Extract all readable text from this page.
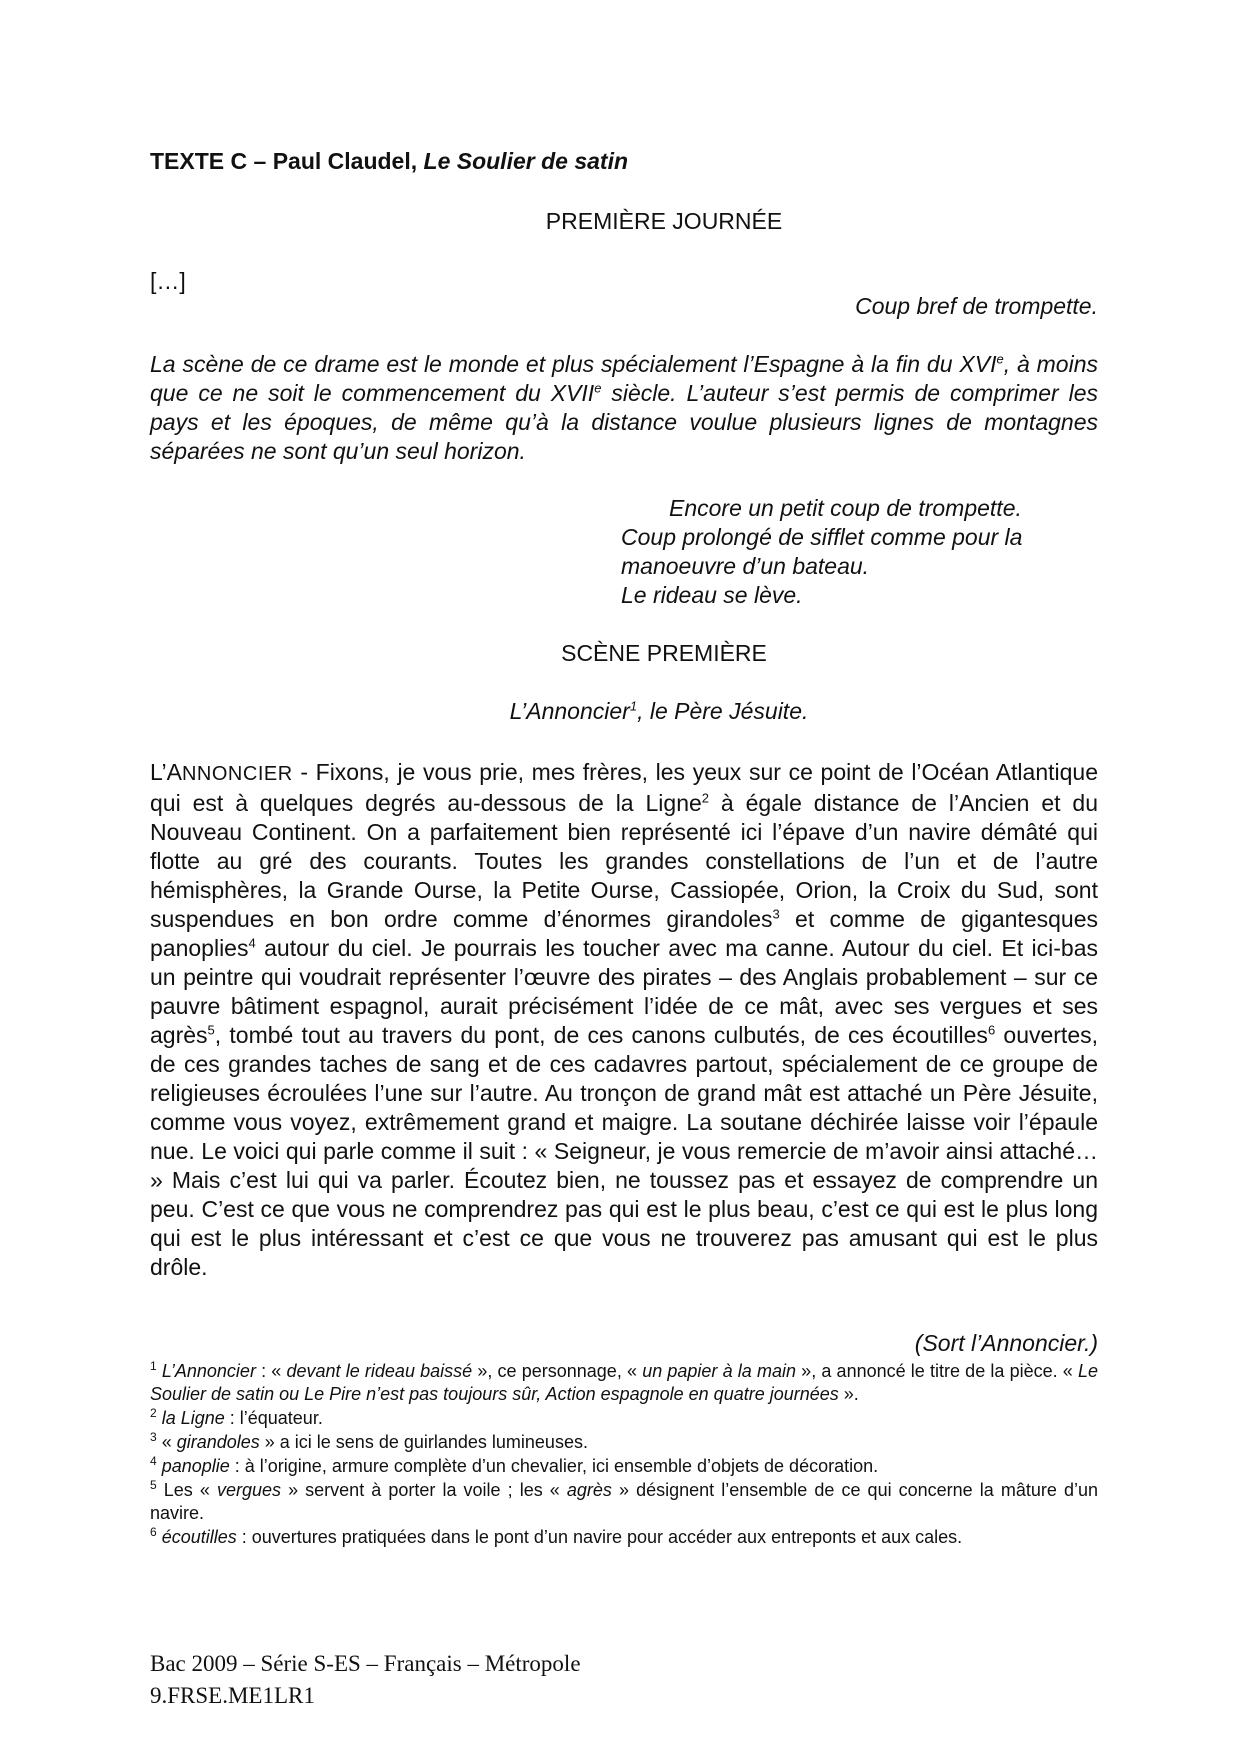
TEXTE C – Paul Claudel, Le Soulier de satin
PREMIÈRE JOURNÉE
[…]
Coup bref de trompette.
La scène de ce drame est le monde et plus spécialement l’Espagne à la fin du XVIe, à moins que ce ne soit le commencement du XVIIe siècle. L’auteur s’est permis de comprimer les pays et les époques, de même qu’à la distance voulue plusieurs lignes de montagnes séparées ne sont qu’un seul horizon.
Encore un petit coup de trompette.
Coup prolongé de sifflet comme pour la
manoeuvre d’un bateau.
Le rideau se lève.
SCÈNE PREMIÈRE
L’Annoncier$^1$, le Père Jésuite.
L’ANNONCIER - Fixons, je vous prie, mes frères, les yeux sur ce point de l’Océan Atlantique qui est à quelques degrés au-dessous de la Ligne$^2$ à égale distance de l’Ancien et du Nouveau Continent. On a parfaitement bien représenté ici l’épave d’un navire démâté qui flotte au gré des courants. Toutes les grandes constellations de l’un et de l’autre hémisphères, la Grande Ourse, la Petite Ourse, Cassiopée, Orion, la Croix du Sud, sont suspendues en bon ordre comme d’énormes girandoles$^3$ et comme de gigantesques panoplies$^4$ autour du ciel. Je pourrais les toucher avec ma canne. Autour du ciel. Et ici-bas un peintre qui voudrait représenter l’œuvre des pirates – des Anglais probablement – sur ce pauvre bâtiment espagnol, aurait précisément l’idée de ce mât, avec ses vergues et ses agrès$^5$, tombé tout au travers du pont, de ces canons culbutés, de ces écoutilles$^6$ ouvertes, de ces grandes taches de sang et de ces cadavres partout, spécialement de ce groupe de religieuses écroulées l’une sur l’autre. Au tronçon de grand mât est attaché un Père Jésuite, comme vous voyez, extrêmement grand et maigre. La soutane déchirée laisse voir l’épaule nue. Le voici qui parle comme il suit : « Seigneur, je vous remercie de m’avoir ainsi attaché… » Mais c’est lui qui va parler. Écoutez bien, ne toussez pas et essayez de comprendre un peu. C’est ce que vous ne comprendrez pas qui est le plus beau, c’est ce qui est le plus long qui est le plus intéressant et c’est ce que vous ne trouverez pas amusant qui est le plus drôle.
(Sort l’Annoncier.)
$^1$ L’Annoncier : « devant le rideau baissé », ce personnage, « un papier à la main », a annoncé le titre de la pièce. « Le Soulier de satin ou Le Pire n’est pas toujours sûr, Action espagnole en quatre journées ».
$^2$ la Ligne : l’équateur.
$^3$ « girandoles » a ici le sens de guirlandes lumineuses.
$^4$ panoplie : à l’origine, armure complète d’un chevalier, ici ensemble d’objets de décoration.
$^5$ Les « vergues » servent à porter la voile ; les « agrès » désignent l’ensemble de ce qui concerne la mâture d’un navire.
$^6$ écoutilles : ouvertures pratiquées dans le pont d’un navire pour accéder aux entreponts et aux cales.
Bac 2009 – Série S-ES – Français – Métropole
9.FRSE.ME1LR1
